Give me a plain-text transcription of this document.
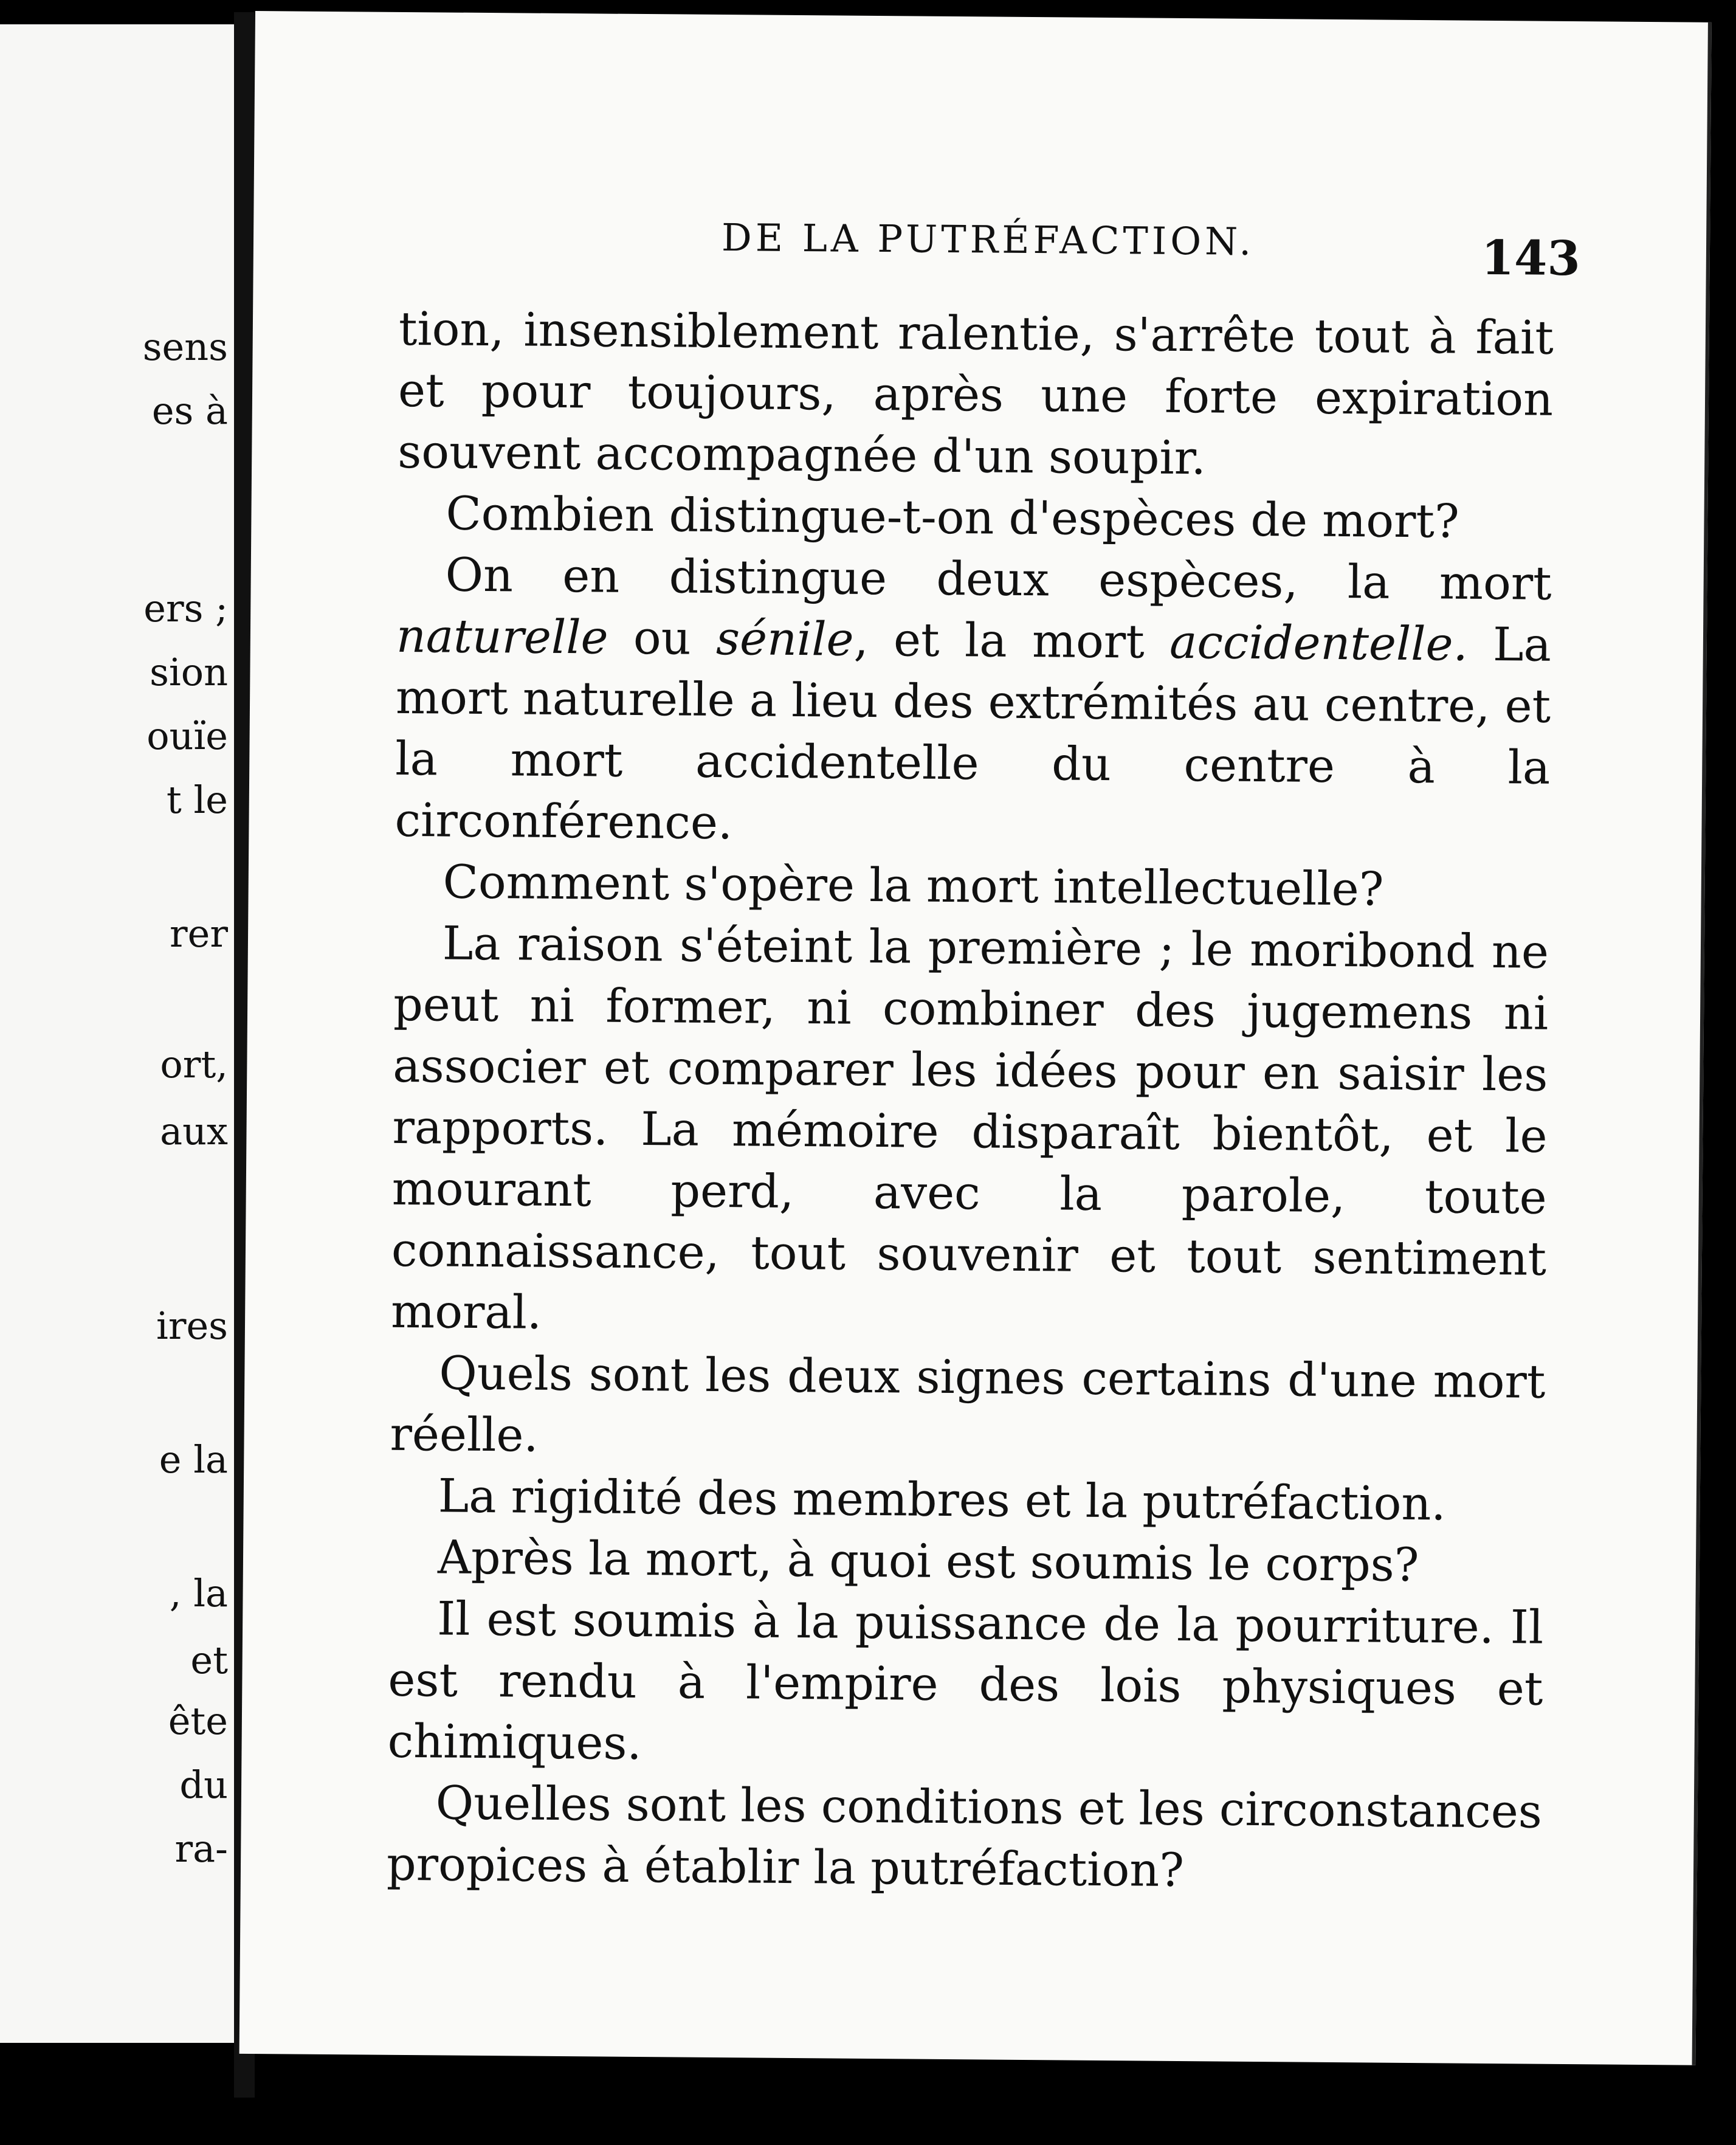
sens
es à
ers ;
sion
ouïe
t le
rer
ort,
aux
ires
e la
, la
et
ête
du
ra-
DE LA PUTRÉFACTION.	143

tion, insensiblement ralentie, s'arrête tout à fait et pour toujours, après une forte expiration souvent accompagnée d'un soupir.

Combien distingue-t-on d'espèces de mort?

On en distingue deux espèces, la mort naturelle ou sénile, et la mort accidentelle. La mort naturelle a lieu des extrémités au centre, et la mort accidentelle du centre à la circonférence.

Comment s'opère la mort intellectuelle?

La raison s'éteint la première ; le moribond ne peut ni former, ni combiner des jugemens ni associer et comparer les idées pour en saisir les rapports. La mémoire disparaît bientôt, et le mourant perd, avec la parole, toute connaissance, tout souvenir et tout sentiment moral.

Quels sont les deux signes certains d'une mort réelle.

La rigidité des membres et la putréfaction.

Après la mort, à quoi est soumis le corps?

Il est soumis à la puissance de la pourriture. Il est rendu à l'empire des lois physiques et chimiques.

Quelles sont les conditions et les circonstances propices à établir la putréfaction?
